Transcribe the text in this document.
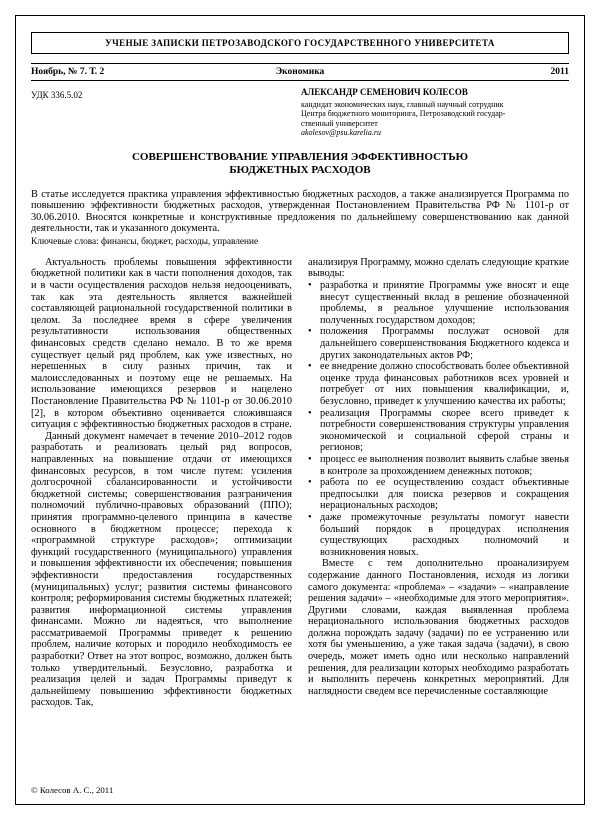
УЧЕНЫЕ ЗАПИСКИ ПЕТРОЗАВОДСКОГО ГОСУДАРСТВЕННОГО УНИВЕРСИТЕТА
Ноябрь, № 7. Т. 2	Экономика	2011
УДК 336.5.02	АЛЕКСАНДР СЕМЕНОВИЧ КОЛЕСОВ
кандидат экономических наук, главный научный сотрудник
Центра бюджетного мониторинга, Петрозаводский государ-
ственный университет
akolesov@psu.karelia.ru
СОВЕРШЕНСТВОВАНИЕ УПРАВЛЕНИЯ ЭФФЕКТИВНОСТЬЮ
БЮДЖЕТНЫХ РАСХОДОВ

В статье исследуется практика управления эффективностью бюджетных расходов, а также анализируется Программа по повышению эффективности бюджетных расходов, утвержденная Постановлением Правительства РФ № 1101-р от 30.06.2010. Вносятся конкретные и конструктивные предложения по дальнейшему совершенствованию как данной деятельности, так и указанного документа.

Ключевые слова: финансы, бюджет, расходы, управление

Актуальность проблемы повышения эффективности бюджетной политики как в части пополнения доходов, так и в части осуществления расходов нельзя недооценивать, так как эта деятельность является важнейшей составляющей рациональной государственной политики в целом. За последнее время в сфере увеличения результативности использования общественных финансовых средств сделано немало. В то же время существует целый ряд проблем, как уже известных, но нерешенных в силу разных причин, так и малоисследованных и поэтому еще не решаемых. На использование имеющихся резервов и нацелено Постановление Правительства РФ № 1101-р от 30.06.2010 [2], в котором объективно оценивается сложившаяся ситуация с эффективностью бюджетных расходов в стране.

Данный документ намечает в течение 2010–2012 годов разработать и реализовать целый ряд вопросов, направленных на повышение отдачи от имеющихся финансовых ресурсов, в том числе путем: усиления долгосрочной сбалансированности и устойчивости бюджетной системы; совершенствования разграничения полномочий публично-правовых образований (ППО); принятия программно-целевого принципа в качестве основного в бюджетном процессе; перехода к «программной структуре расходов»; оптимизации функций государственного (муниципального) управления и повышения эффективности их обеспечения; повышения эффективности предоставления государственных (муниципальных) услуг; развития системы финансового контроля; реформирования системы бюджетных платежей; развития информационной системы управления финансами. Можно ли надеяться, что выполнение рассматриваемой Программы приведет к решению проблем, наличие которых и породило необходимость ее разработки? Ответ на этот вопрос, возможно, должен быть только утвердительный. Безусловно, разработка и реализация целей и задач Программы приведут к дальнейшему повышению эффективности бюджетных расходов. Так,

анализируя Программу, можно сделать следующие краткие выводы:

• разработка и принятие Программы уже вносят и еще внесут существенный вклад в решение обозначенной проблемы, в реальное улучшение использования полученных государством доходов;
• положения Программы послужат основой для дальнейшего совершенствования Бюджетного кодекса и других законодательных актов РФ;
• ее внедрение должно способствовать более объективной оценке труда финансовых работников всех уровней и потребует от них повышения квалификации, и, безусловно, приведет к улучшению качества их работы;
• реализация Программы скорее всего приведет к потребности совершенствования структуры управления экономической и социальной сферой страны и регионов;
• процесс ее выполнения позволит выявить слабые звенья в контроле за прохождением денежных потоков;
• работа по ее осуществлению создаст объективные предпосылки для поиска резервов и сокращения нерациональных расходов;
• даже промежуточные результаты помогут навести больший порядок в процедурах исполнения существующих расходных полномочий и возникновения новых.

Вместе с тем дополнительно проанализируем содержание данного Постановления, исходя из логики самого документа: «проблема» – «задачи» – «направление решения задачи» – «необходимые для этого мероприятия». Другими словами, каждая выявленная проблема нерационального использования бюджетных расходов должна порождать задачу (задачи) по ее устранению или хотя бы уменьшению, а уже такая задача (задачи), в свою очередь, может иметь одно или несколько направлений решения, для реализации которых необходимо разработать и выполнить перечень конкретных мероприятий. Для наглядности сведем все перечисленные составляющие

© Колесов А. С., 2011
